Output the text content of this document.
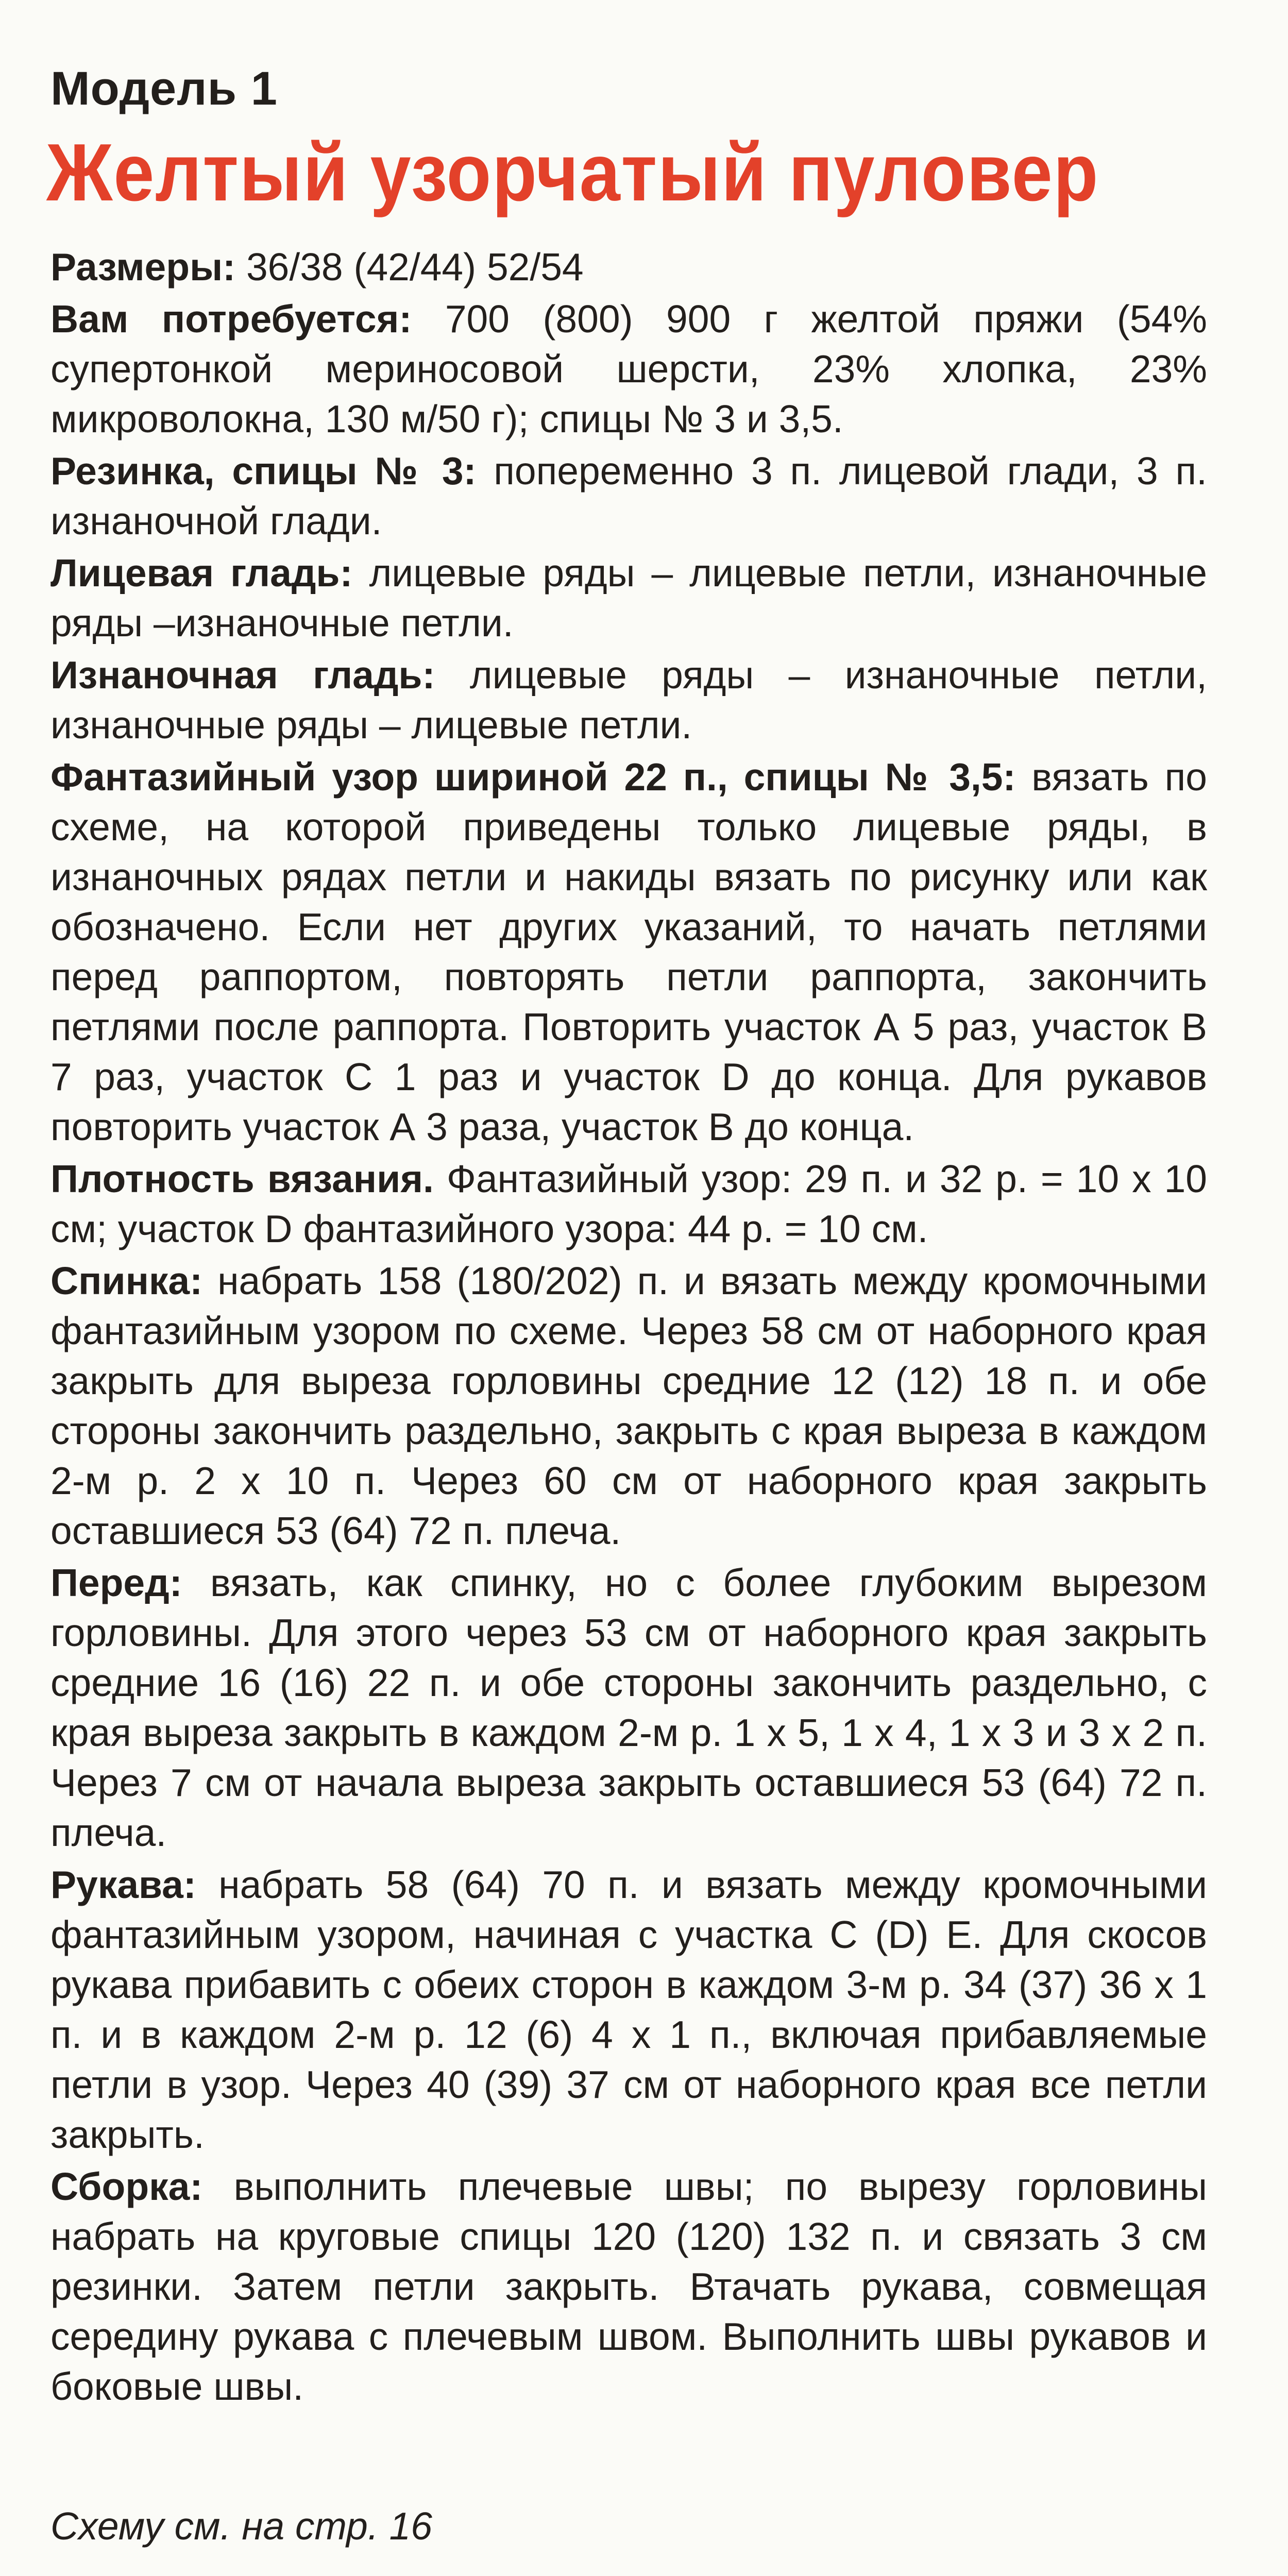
Модель 1
Желтый узорчатый пуловер

Размеры: 36/38 (42/44) 52/54

Вам потребуется: 700 (800) 900 г желтой пряжи (54% супертонкой мериносовой шерсти, 23% хлопка, 23% микроволокна, 130 м/50 г); спицы № 3 и 3,5.

Резинка, спицы № 3: попеременно 3 п. лицевой глади, 3 п. изнаночной глади.

Лицевая гладь: лицевые ряды – лицевые петли, изнаночные ряды –изнаночные петли.

Изнаночная гладь: лицевые ряды – изнаночные петли, изнаночные ряды – лицевые петли.

Фантазийный узор шириной 22 п., спицы № 3,5: вязать по схеме, на которой приведены только лицевые ряды, в изнаночных рядах петли и накиды вязать по рисунку или как обозначено. Если нет других указаний, то начать петлями перед раппортом, повторять петли раппорта, закончить петлями после раппорта. Повторить участок А 5 раз, участок В 7 раз, участок С 1 раз и участок D до конца. Для рукавов повторить участок А 3 раза, участок В до конца.

Плотность вязания. Фантазийный узор: 29 п. и 32 р. = 10 х 10 см; участок D фантазийного узора: 44 р. = 10 см.

Спинка: набрать 158 (180/202) п. и вязать между кромочными фантазийным узором по схеме. Через 58 см от наборного края закрыть для выреза горловины средние 12 (12) 18 п. и обе стороны закончить раздельно, закрыть с края выреза в каждом 2-м р. 2 х 10 п. Через 60 см от наборного края закрыть оставшиеся 53 (64) 72 п. плеча.

Перед: вязать, как спинку, но с более глубоким вырезом горловины. Для этого через 53 см от наборного края закрыть средние 16 (16) 22 п. и обе стороны закончить раздельно, с края выреза закрыть в каждом 2-м р. 1 х 5, 1 х 4, 1 х 3 и 3 х 2 п. Через 7 см от начала выреза закрыть оставшиеся 53 (64) 72 п. плеча.

Рукава: набрать 58 (64) 70 п. и вязать между кромочными фантазийным узором, начиная с участка С (D) Е. Для скосов рукава прибавить с обеих сторон в каждом 3-м р. 34 (37) 36 х 1 п. и в каждом 2-м р. 12 (6) 4 х 1 п., включая прибавляемые петли в узор. Через 40 (39) 37 см от наборного края все петли закрыть.

Сборка: выполнить плечевые швы; по вырезу горловины набрать на круговые спицы 120 (120) 132 п. и связать 3 см резинки. Затем петли закрыть. Втачать рукава, совмещая середину рукава с плечевым швом. Выполнить швы рукавов и боковые швы.

Схему см. на стр. 16
